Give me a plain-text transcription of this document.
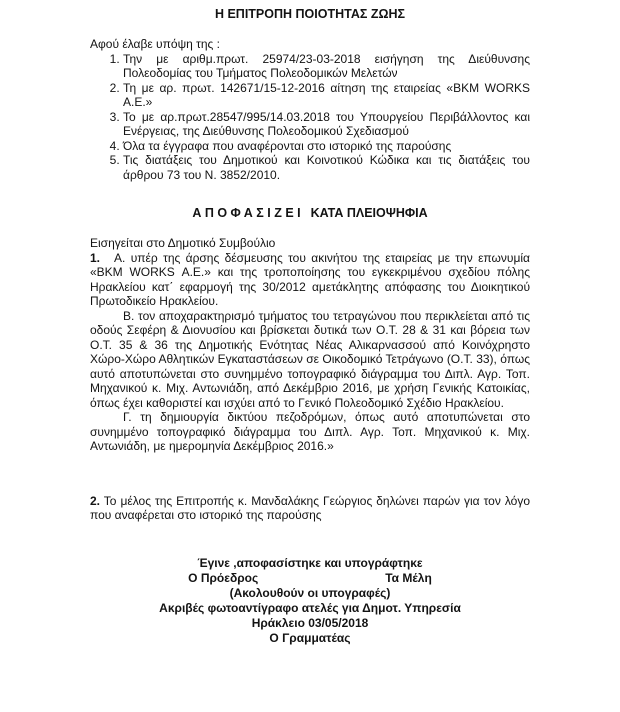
Η ΕΠΙΤΡΟΠΗ ΠΟΙΟΤΗΤΑΣ ΖΩΗΣ

Αφού έλαβε υπόψη της :

1. Την με αριθμ.πρωτ. 25974/23-03-2018 εισήγηση της Διεύθυνσης Πολεοδομίας του Τμήματος Πολεοδομικών Μελετών
2. Τη με αρ. πρωτ. 142671/15-12-2016 αίτηση της εταιρείας «BKM WORKS Α.Ε.»
3. Το με αρ.πρωτ.28547/995/14.03.2018 του Υπουργείου Περιβάλλοντος και Ενέργειας, της Διεύθυνσης Πολεοδομικού Σχεδιασμού
4. Όλα τα έγγραφα που αναφέρονται στο ιστορικό της παρούσης
5. Τις διατάξεις του Δημοτικού και Κοινοτικού Κώδικα και τις διατάξεις του άρθρου 73 του Ν. 3852/2010.
Α Π Ο Φ Α Σ Ι Ζ Ε Ι ΚΑΤΑ ΠΛΕΙΟΨΗΦΙΑ

Εισηγείται στο Δημοτικό Συμβούλιο

1. Α. υπέρ της άρσης δέσμευσης του ακινήτου της εταιρείας με την επωνυμία «BKM WORKS Α.Ε.» και της τροποποίησης του εγκεκριμένου σχεδίου πόλης Ηρακλείου κατ΄ εφαρμογή της 30/2012 αμετάκλητης απόφασης του Διοικητικού Πρωτοδικείο Ηρακλείου.

Β. τον αποχαρακτηρισμό τμήματος του τετραγώνου που περικλείεται από τις οδούς Σεφέρη & Διονυσίου και βρίσκεται δυτικά των Ο.Τ. 28 & 31 και βόρεια των Ο.Τ. 35 & 36 της Δημοτικής Ενότητας Νέας Αλικαρνασσού από Κοινόχρηστο Χώρο-Χώρο Αθλητικών Εγκαταστάσεων σε Οικοδομικό Τετράγωνο (Ο.Τ. 33), όπως αυτό αποτυπώνεται στο συνημμένο τοπογραφικό διάγραμμα του Διπλ. Αγρ. Τοπ. Μηχανικού κ. Μιχ. Αντωνιάδη, από Δεκέμβριο 2016, με χρήση Γενικής Κατοικίας, όπως έχει καθοριστεί και ισχύει από το Γενικό Πολεοδομικό Σχέδιο Ηρακλείου.

Γ. τη δημιουργία δικτύου πεζοδρόμων, όπως αυτό αποτυπώνεται στο συνημμένο τοπογραφικό διάγραμμα του Διπλ. Αγρ. Τοπ. Μηχανικού κ. Μιχ. Αντωνιάδη, με ημερομηνία Δεκέμβριος 2016.»

2. Το μέλος της Επιτροπής κ. Μανδαλάκης Γεώργιος δηλώνει παρών για τον λόγο που αναφέρεται στο ιστορικό της παρούσης

Έγινε ,αποφασίστηκε και υπογράφτηκε
Ο Πρόεδρος	Τα Μέλη
(Ακολουθούν οι υπογραφές)
Ακριβές φωτοαντίγραφο ατελές για Δημοτ. Υπηρεσία
Ηράκλειο 03/05/2018
Ο Γραμματέας
